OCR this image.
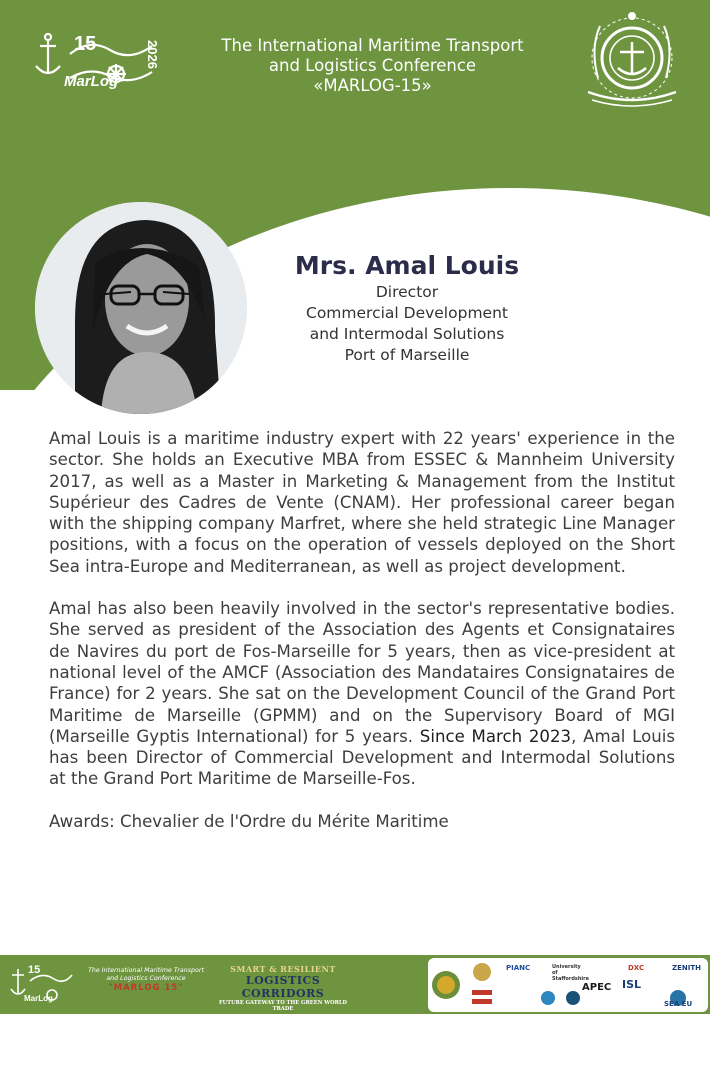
15
MarLog
2026	The International Maritime Transport
and Logistics Conference
«MARLOG-15»
Mrs. Amal Louis
Director
Commercial Development
and Intermodal Solutions
Port of Marseille

Amal Louis is a maritime industry expert with 22 years' experience in the sector. She holds an Executive MBA from ESSEC & Mannheim University 2017, as well as a Master in Marketing & Management from the Institut Supérieur des Cadres de Vente (CNAM). Her professional career began with the shipping company Marfret, where she held strategic Line Manager positions, with a focus on the operation of vessels deployed on the Short Sea intra-Europe and Mediterranean, as well as project development.

Amal has also been heavily involved in the sector's representative bodies. She served as president of the Association des Agents et Consignataires de Navires du port de Fos-Marseille for 5 years, then as vice-president at national level of the AMCF (Association des Mandataires Consignataires de France) for 2 years. She sat on the Development Council of the Grand Port Maritime de Marseille (GPMM) and on the Supervisory Board of MGI (Marseille Gyptis International) for 5 years. Since March 2023, Amal Louis has been Director of Commercial Development and Intermodal Solutions at the Grand Port Maritime de Marseille-Fos.

Awards: Chevalier de l'Ordre du Mérite Maritime

15
MarLog
The International Maritime Transport
and Logistics Conference
"MARLOG 15"
SMART & RESILIENT
LOGISTICS CORRIDORS
FUTURE GATEWAY TO THE GREEN WORLD TRADE
PIANC	University of Staffordshire
DXC	ZENITH
APEC ISL
SEA EU
